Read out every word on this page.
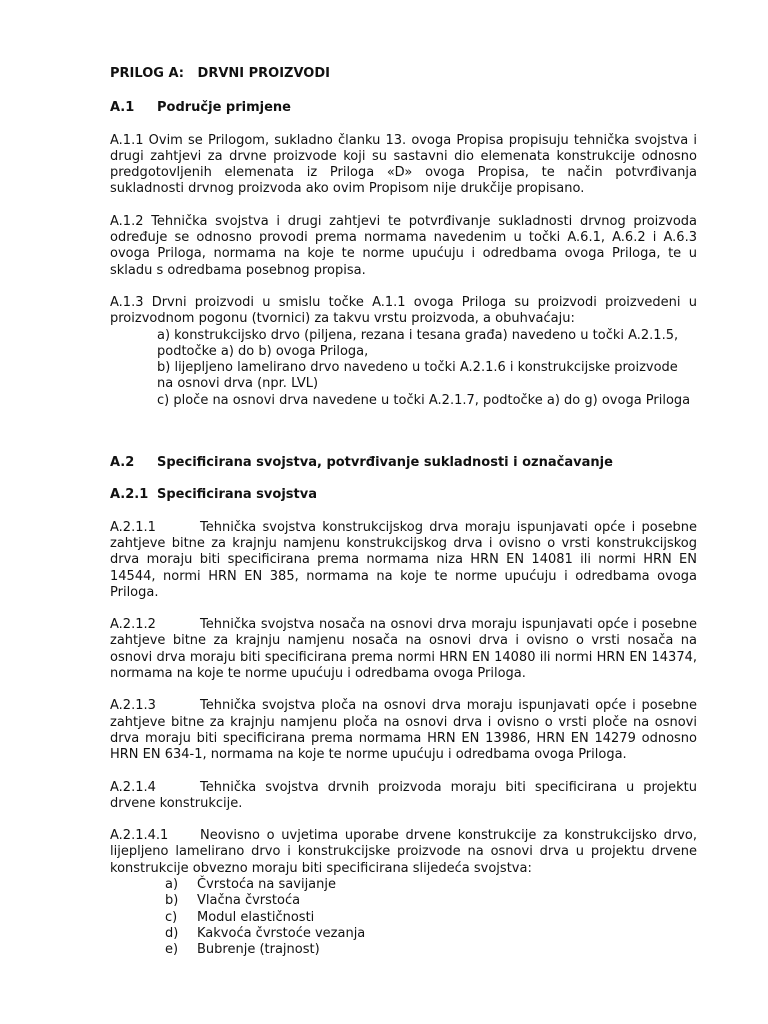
PRILOG A:   DRVNI PROIZVODI

A.1 Područje primjene

A.1.1 Ovim se Prilogom, sukladno članku 13. ovoga Propisa propisuju tehnička svojstva i drugi zahtjevi za drvne proizvode koji su sastavni dio elemenata konstrukcije odnosno predgotovljenih elemenata iz Priloga «D» ovoga Propisa, te način potvrđivanja sukladnosti drvnog proizvoda ako ovim Propisom nije drukčije propisano.

A.1.2 Tehnička svojstva i drugi zahtjevi te potvrđivanje sukladnosti drvnog proizvoda određuje se odnosno provodi prema normama navedenim u točki A.6.1, A.6.2 i A.6.3 ovoga Priloga, normama na koje te norme upućuju i odredbama ovoga Priloga, te u skladu s odredbama posebnog propisa.

A.1.3 Drvni proizvodi u smislu točke A.1.1 ovoga Priloga su proizvodi proizvedeni u proizvodnom pogonu (tvornici) za takvu vrstu proizvoda, a obuhvaćaju:

a) konstrukcijsko drvo (piljena, rezana i tesana građa) navedeno u točki A.2.1.5, podtočke a) do b) ovoga Priloga,

b) lijepljeno lamelirano drvo navedeno u točki A.2.1.6 i konstrukcijske proizvode na osnovi drva (npr. LVL)

c) ploče na osnovi drva navedene u točki A.2.1.7, podtočke a) do g) ovoga Priloga

A.2 Specificirana svojstva, potvrđivanje sukladnosti i označavanje

A.2.1 Specificirana svojstva

A.2.1.1	Tehnička svojstva konstrukcijskog drva moraju ispunjavati opće i posebne zahtjeve bitne za krajnju namjenu konstrukcijskog drva i ovisno o vrsti konstrukcijskog drva moraju biti specificirana prema normama niza HRN EN 14081 ili normi HRN EN 14544, normi HRN EN 385, normama na koje te norme upućuju i odredbama ovoga Priloga.

A.2.1.2	Tehnička svojstva nosača na osnovi drva moraju ispunjavati opće i posebne zahtjeve bitne za krajnju namjenu nosača na osnovi drva i ovisno o vrsti nosača na osnovi drva moraju biti specificirana prema normi HRN EN 14080 ili normi HRN EN 14374, normama na koje te norme upućuju i odredbama ovoga Priloga.

A.2.1.3	Tehnička svojstva ploča na osnovi drva moraju ispunjavati opće i posebne zahtjeve bitne za krajnju namjenu ploča na osnovi drva i ovisno o vrsti ploče na osnovi drva moraju biti specificirana prema normama HRN EN 13986, HRN EN 14279 odnosno HRN EN 634-1, normama na koje te norme upućuju i odredbama ovoga Priloga.

A.2.1.4	Tehnička svojstva drvnih proizvoda moraju biti specificirana u projektu drvene konstrukcije.

A.2.1.4.1 Neovisno o uvjetima uporabe drvene konstrukcije za konstrukcijsko drvo, lijepljeno lamelirano drvo i konstrukcijske proizvode na osnovi drva u projektu drvene konstrukcije obvezno moraju biti specificirana slijedeća svojstva:

a) Čvrstoća na savijanje
b) Vlačna čvrstoća
c) Modul elastičnosti
d) Kakvoća čvrstoće vezanja
e) Bubrenje (trajnost)
